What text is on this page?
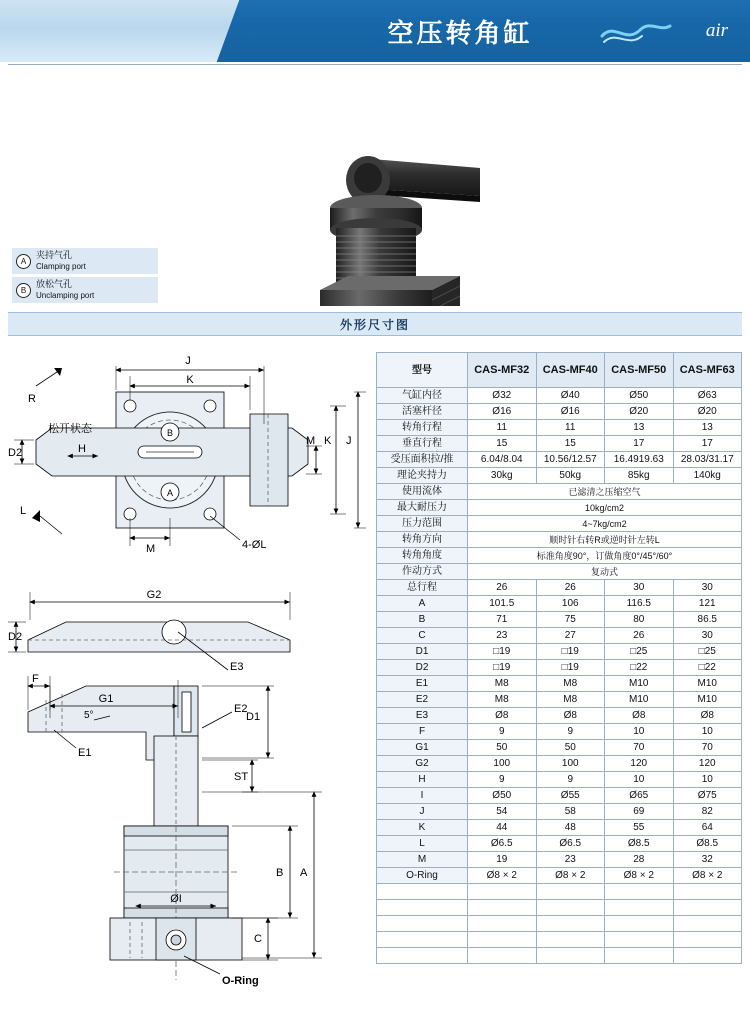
空压转角缸	air
A
夹持气孔
Clamping port
B
放松气孔
Unclamping port
外形尺寸图
B
A
J
K
M K J
D2	H
M	4-ØL
R
L
松开状态
G2
D2
E3
5°
E2
E1
F
G1
ST
D1
ØI
O-Ring
A
B
C
型号	CAS-MF32	CAS-MF40	CAS-MF50	CAS-MF63
气缸内径	Ø32	Ø40	Ø50	Ø63
活塞杆径	Ø16	Ø16	Ø20	Ø20
转角行程	11	11	13	13
垂直行程	15	15	17	17
受压面积拉/推	6.04/8.04	10.56/12.57	16.4919.63	28.03/31.17
理论夹持力	30kg	50kg	85kg	140kg
使用流体	已滤清之压缩空气			
最大耐压力	10kg/cm2			
压力范围	4~7kg/cm2			
转角方向	顺时针右转R或逆时针左转L			
转角角度	标准角度90°，订做角度0°/45°/60°			
作动方式	复动式			
总行程	26	26	30	30
A	101.5	106	116.5	121
B	71	75	80	86.5
C	23	27	26	30
D1	□19	□19	□25	□25
D2	□19	□19	□22	□22
E1	M8	M8	M10	M10
E2	M8	M8	M10	M10
E3	Ø8	Ø8	Ø8	Ø8
F	9	9	10	10
G1	50	50	70	70
G2	100	100	120	120
H	9	9	10	10
I	Ø50	Ø55	Ø65	Ø75
J	54	58	69	82
K	44	48	55	64
L	Ø6.5	Ø6.5	Ø8.5	Ø8.5
M	19	23	28	32
O-Ring	Ø8 × 2	Ø8 × 2	Ø8 × 2	Ø8 × 2
